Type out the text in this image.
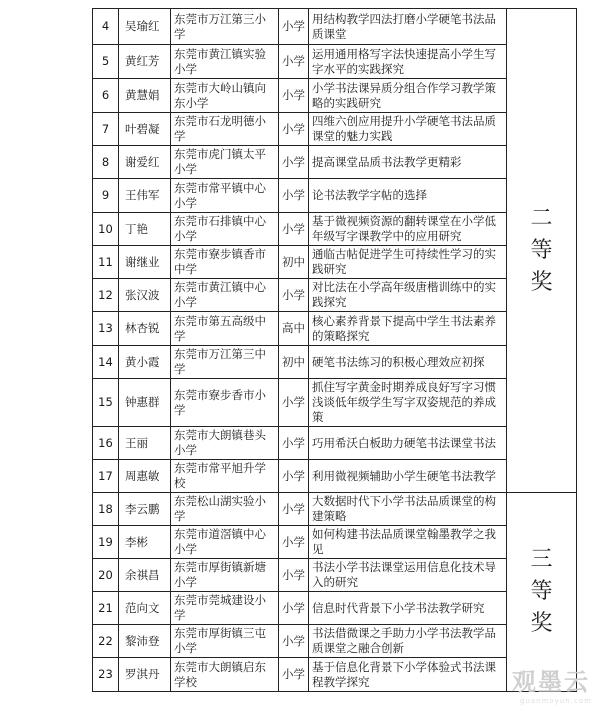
4	吴瑜红	东莞市万江第三小学	小学	用结构教学四法打磨小学硬笔书法品质课堂	二
等
奖

5	黄红芳	东莞市黄江镇实验小学	小学	运用通用格写字法快速提高小学生写字水平的实践探究	
6	黄慧娟	东莞市大岭山镇向东小学	小学	小学书法课异质分组合作学习教学策略的实践研究	
7	叶碧凝	东莞市石龙明德小学	小学	四维六创应用提升小学硬笔书法品质课堂的魅力实践	
8	谢爱红	东莞市虎门镇太平小学	小学	提高课堂品质书法教学更精彩	
9	王伟军	东莞市常平镇中心小学	小学	论书法教学字帖的选择	
10	丁艳	东莞市石排镇中心小学	小学	基于微视频资源的翻转课堂在小学低年级写字课教学中的应用研究	
11	谢继业	东莞市寮步镇香市中学	初中	通临古帖促进学生可持续性学习的实践研究	
12	张汉波	东莞市黄江镇中心小学	小学	对比法在小学高年级唐楷训练中的实践探究	
13	林杏锐	东莞市第五高级中学	高中	核心素养背景下提高中学生书法素养的策略探究	
14	黄小霞	东莞市万江第三中学	初中	硬笔书法练习的积极心理效应初探	
15	钟惠群	东莞市寮步香市小学	小学	抓住写字黄金时期养成良好写字习惯浅谈低年级学生写字双姿规范的养成策	
16	王丽	东莞市大朗镇巷头小学	小学	巧用希沃白板助力硬笔书法课堂书法	
17	周惠敏	东莞市常平旭升学校	小学	利用微视频辅助小学生硬笔书法教学	
18	李云鹏	东莞松山湖实验小学	小学	大数据时代下小学书法品质课堂的构建策略	三
等
奖

19	李彬	东莞市道滘镇中心小学	小学	如何构建书法品质课堂翰墨教学之我见	
20	余祺昌	东莞市厚街镇新塘小学	小学	书法小学书法课堂运用信息化技术导入的研究	
21	范向文	东莞市莞城建设小学	小学	信息时代背景下小学书法教学研究	
22	黎沛登	东莞市厚街镇三屯小学	小学	书法借微课之手助力小学书法教学品质课堂之融合创新	
23	罗淇丹	东莞市大朗镇启东学校	小学	基于信息化背景下小学体验式书法课程教学探究		观墨云
guanmoyun.com
